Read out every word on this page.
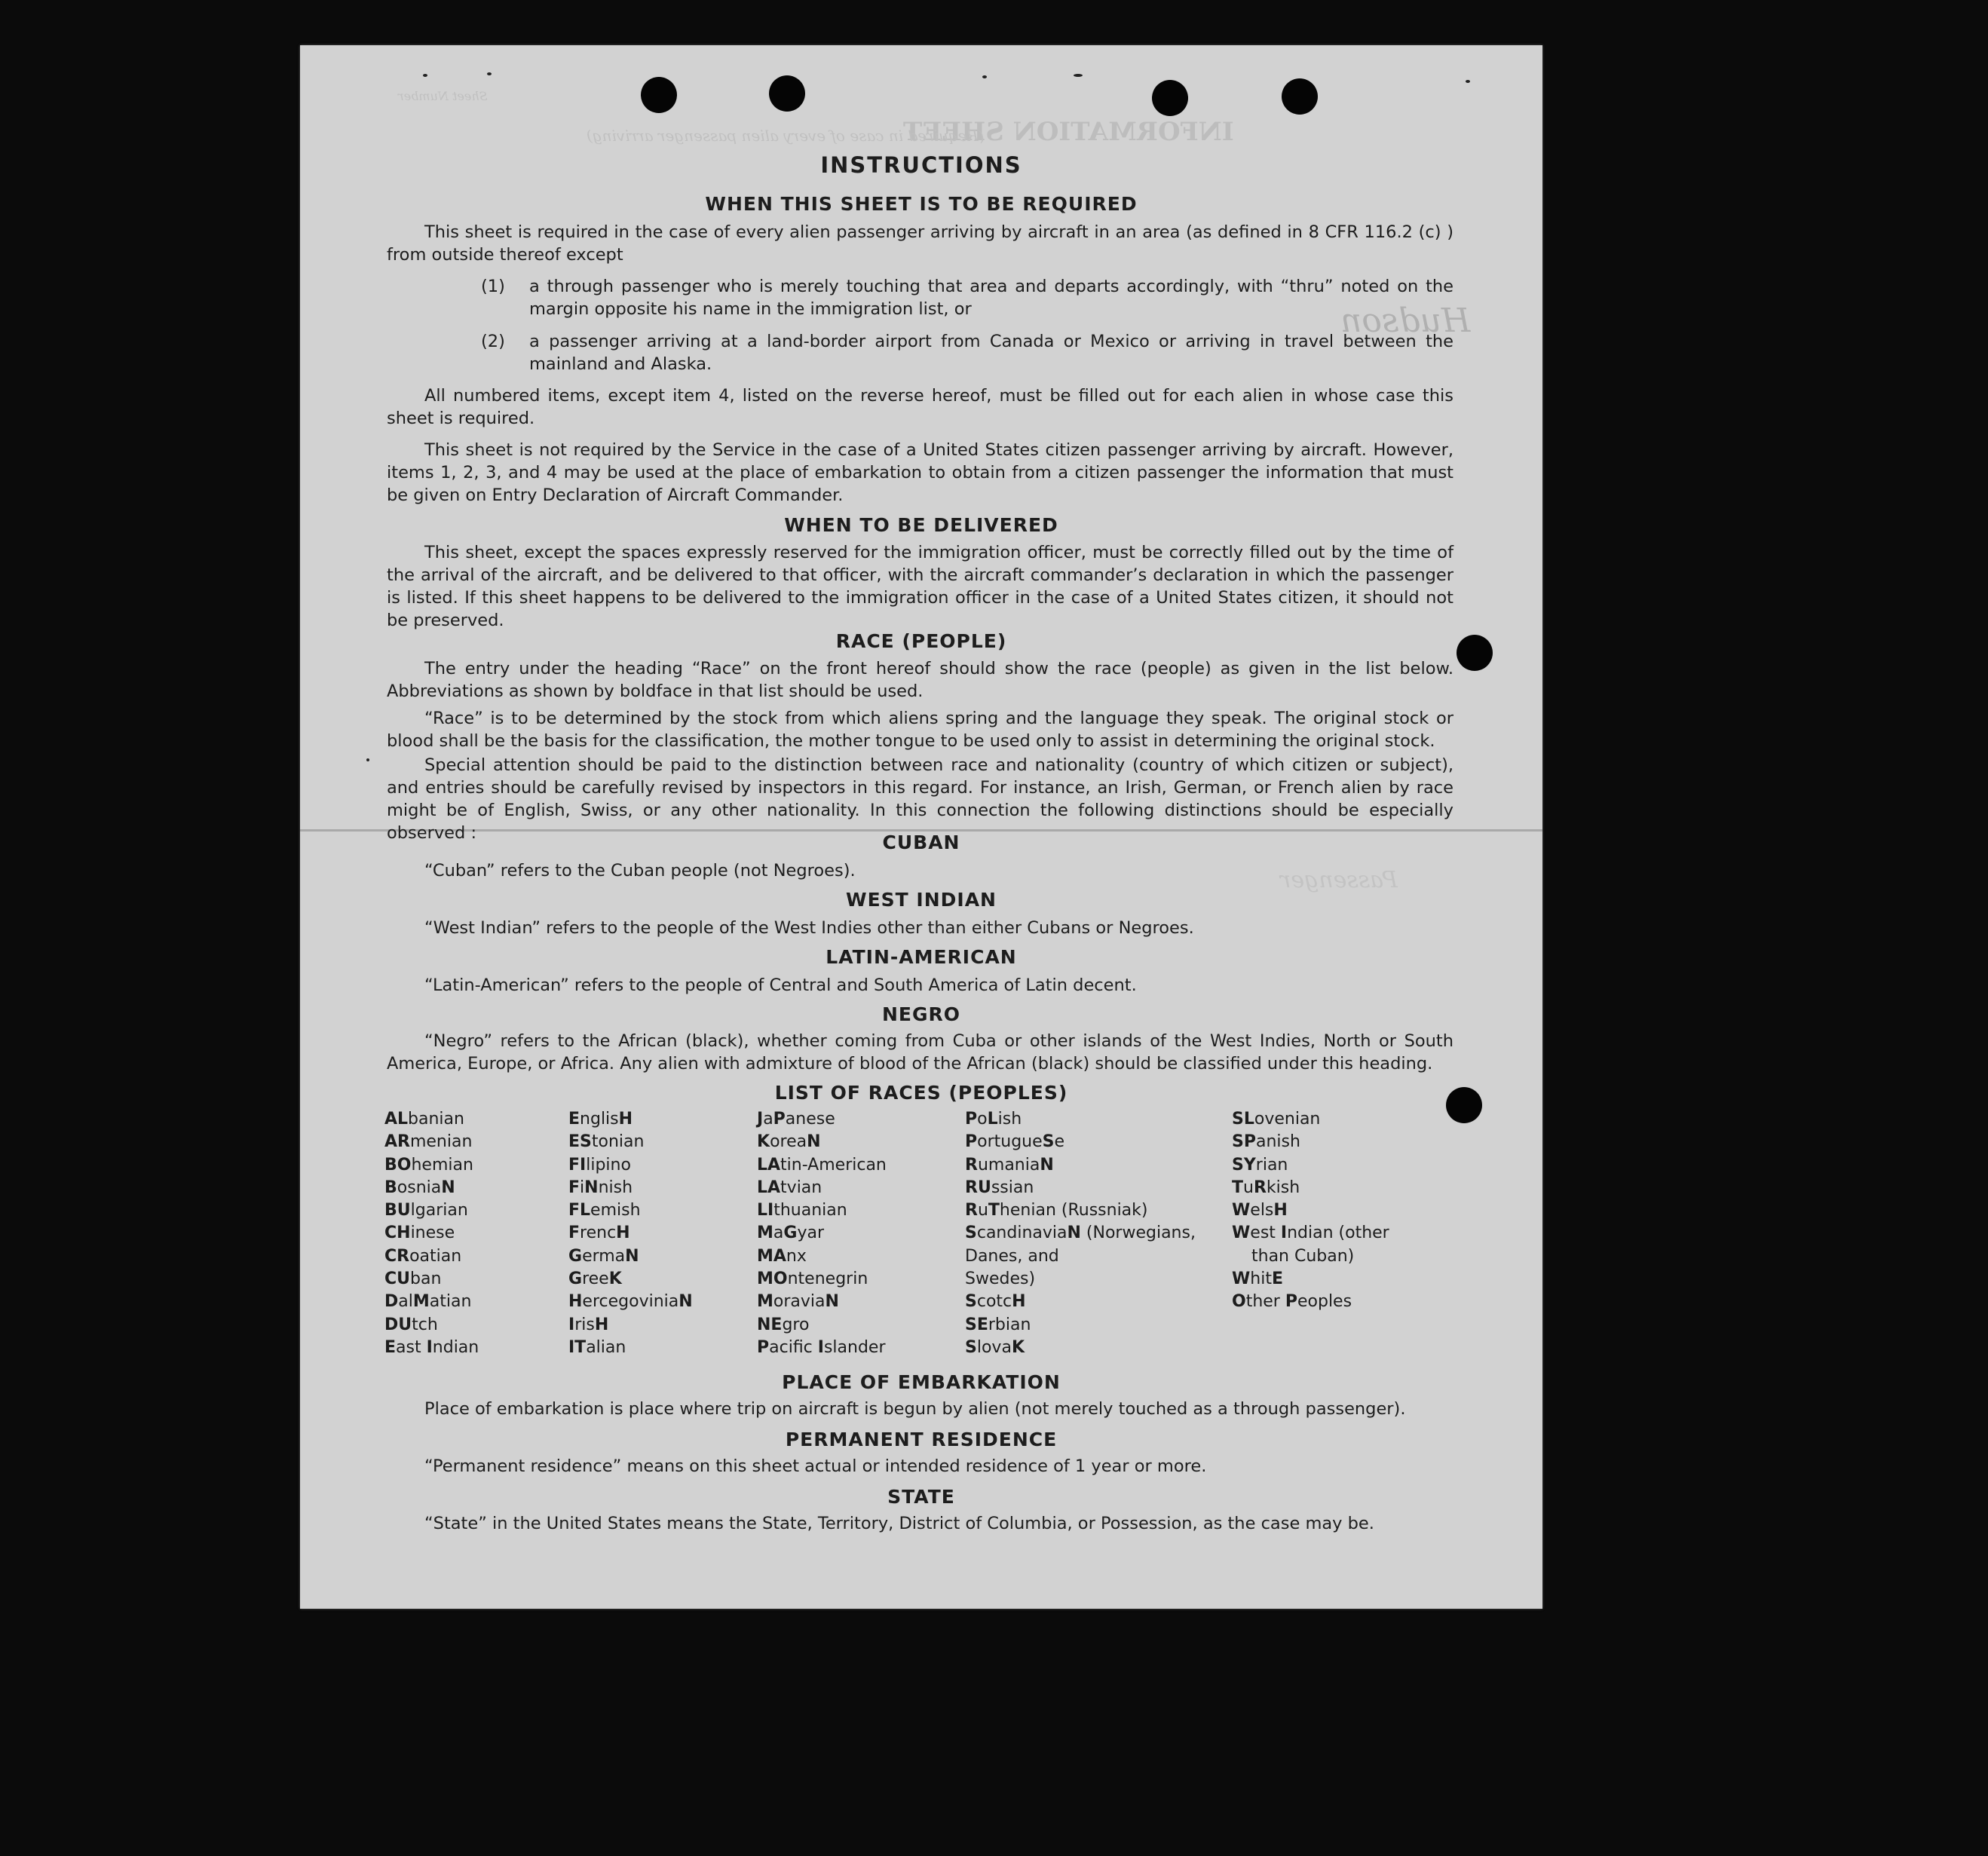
INFORMATION SHEET
(Required in case of every alien passenger arriving)
Sheet Number
Hudson
Passenger
INSTRUCTIONS
WHEN THIS SHEET IS TO BE REQUIRED

This sheet is required in the case of every alien passenger arriving by aircraft in an area (as defined in 8 CFR 116.2 (c) ) from outside thereof except

(1) a through passenger who is merely touching that area and departs accordingly, with “thru” noted on the margin opposite his name in the immigration list, or
(2) a passenger arriving at a land-border airport from Canada or Mexico or arriving in travel between the mainland and Alaska.

All numbered items, except item 4, listed on the reverse hereof, must be filled out for each alien in whose case this sheet is required.

This sheet is not required by the Service in the case of a United States citizen passenger arriving by aircraft. However, items 1, 2, 3, and 4 may be used at the place of embarkation to obtain from a citizen passenger the information that must be given on Entry Declaration of Aircraft Commander.

WHEN TO BE DELIVERED

This sheet, except the spaces expressly reserved for the immigration officer, must be correctly filled out by the time of the arrival of the aircraft, and be delivered to that officer, with the aircraft commander’s declaration in which the passenger is listed. If this sheet happens to be delivered to the immigration officer in the case of a United States citizen, it should not be preserved.

RACE (PEOPLE)

The entry under the heading “Race” on the front hereof should show the race (people) as given in the list below. Abbreviations as shown by boldface in that list should be used.

“Race” is to be determined by the stock from which aliens spring and the language they speak. The original stock or blood shall be the basis for the classification, the mother tongue to be used only to assist in determining the original stock.

Special attention should be paid to the distinction between race and nationality (country of which citizen or subject), and entries should be carefully revised by inspectors in this regard. For instance, an Irish, German, or French alien by race might be of English, Swiss, or any other nationality. In this connection the following distinctions should be especially observed :	CUBAN

“Cuban” refers to the Cuban people (not Negroes).

WEST INDIAN

“West Indian” refers to the people of the West Indies other than either Cubans or Negroes.

LATIN-AMERICAN

“Latin-American” refers to the people of Central and South America of Latin decent.

NEGRO

“Negro” refers to the African (black), whether coming from Cuba or other islands of the West Indies, North or South America, Europe, or Africa. Any alien with admixture of blood of the African (black) should be classified under this heading.

LIST OF RACES (PEOPLES)
ALbanian
ARmenian
BOhemian
BosniaN
BUlgarian
CHinese
CRoatian
CUban
DalMatian
DUtch
East Indian
EnglisH
EStonian
FIlipino
FiNnish
FLemish
FrencH
GermaN
GreeK
HercegoviniaN
IrisH
ITalian
JaPanese
KoreaN
LAtin-American
LAtvian
LIthuanian
MaGyar
MAnx
MOntenegrin
MoraviaN
NEgro
Pacific Islander
PoLish
PortugueSe
RumaniaN
RUssian
RuThenian (Russniak)
ScandinaviaN (Norwegians,
Danes, and
Swedes)
ScotcH
SErbian
SlovaK
SLovenian
SPanish
SYrian
TuRkish
WelsH
West Indian (other
than Cuban)
WhitE
Other Peoples
PLACE OF EMBARKATION

Place of embarkation is place where trip on aircraft is begun by alien (not merely touched as a through passenger).

PERMANENT RESIDENCE

“Permanent residence” means on this sheet actual or intended residence of 1 year or more.

STATE

“State” in the United States means the State, Territory, District of Columbia, or Possession, as the case may be.
